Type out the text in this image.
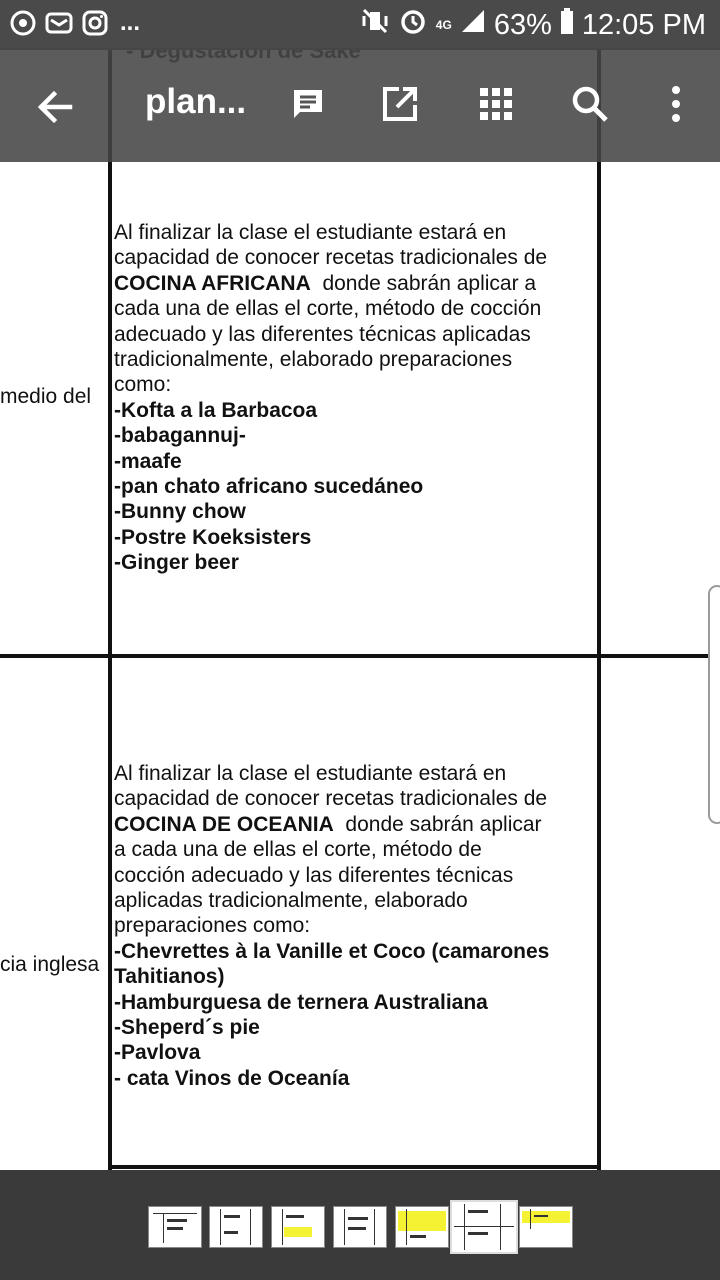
...	4G 63% 12:05 PM
medio del
Al finalizar la clase el estudiante estará en
capacidad de conocer recetas tradicionales de
COCINA AFRICANA donde sabrán aplicar a
cada una de ellas el corte, método de cocción
adecuado y las diferentes técnicas aplicadas
tradicionalmente, elaborado preparaciones
como:
-Kofta a la Barbacoa
-babagannuj-
-maafe
-pan chato africano sucedáneo
-Bunny chow
-Postre Koeksisters
-Ginger beer
cia inglesa
Al finalizar la clase el estudiante estará en
capacidad de conocer recetas tradicionales de
COCINA DE OCEANIA donde sabrán aplicar
a cada una de ellas el corte, método de
cocción adecuado y las diferentes técnicas
aplicadas tradicionalmente, elaborado
preparaciones como:
-Chevrettes à la Vanille et Coco (camarones
Tahitianos)
-Hamburguesa de ternera Australiana
-Sheperd´s pie
-Pavlova
- cata Vinos de Oceanía
plan...
